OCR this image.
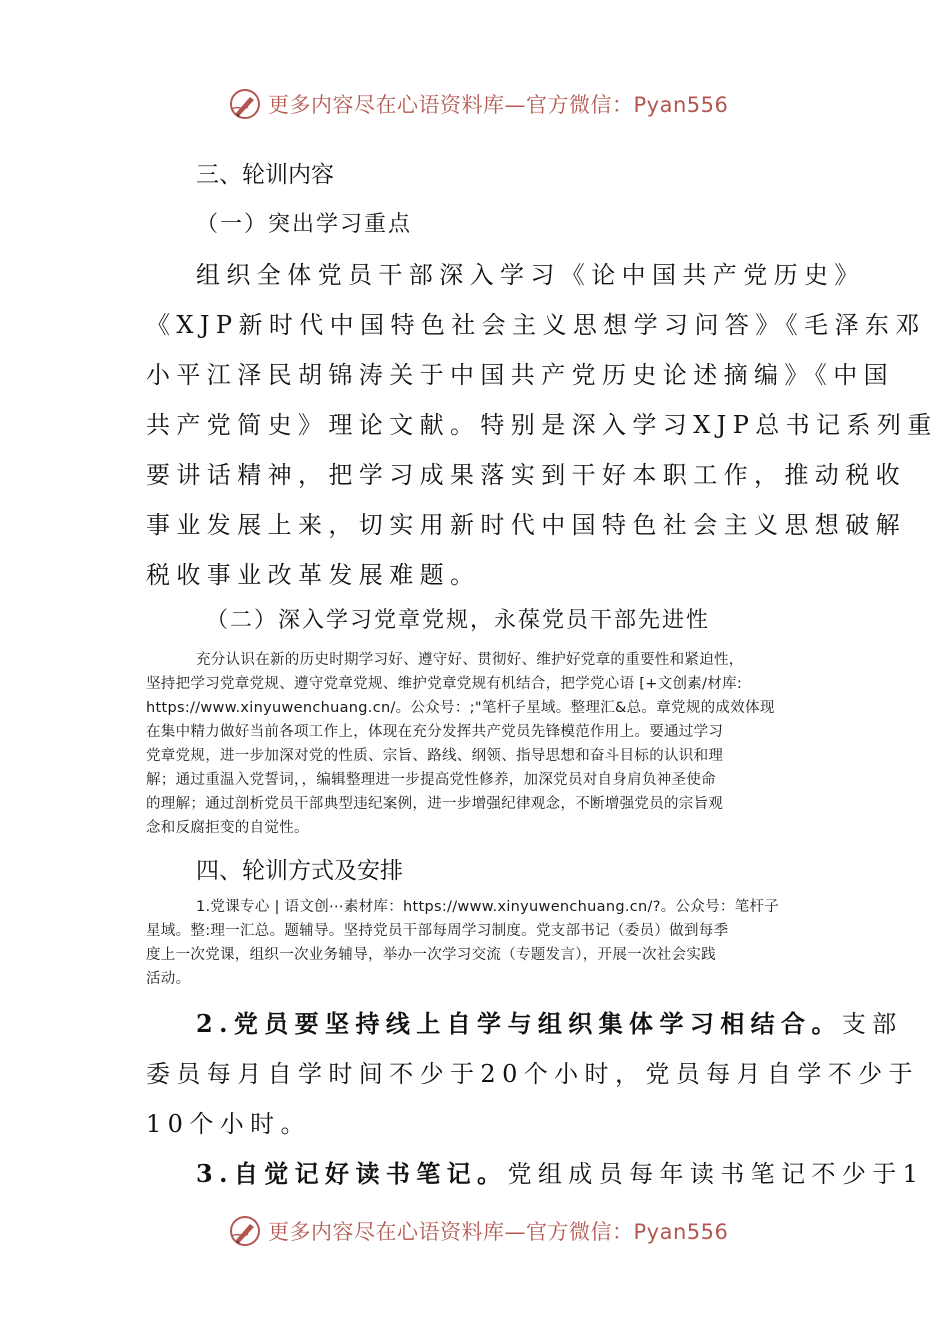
更多内容尽在心语资料库—官方微信：Pyan556
三、轮训内容
（一）突出学习重点
组织全体党员干部深入学习《论中国共产党历史》
《XJP新时代中国特色社会主义思想学习问答》《毛泽东邓
小平江泽民胡锦涛关于中国共产党历史论述摘编》《中国
共产党简史》理论文献。特别是深入学习XJP总书记系列重
要讲话精神，把学习成果落实到干好本职工作，推动税收
事业发展上来，切实用新时代中国特色社会主义思想破解
税收事业改革发展难题。
（二）深入学习党章党规，永葆党员干部先进性
充分认识在新的历史时期学习好、遵守好、贯彻好、维护好党章的重要性和紧迫性，
坚持把学习党章党规、遵守党章党规、维护党章党规有机结合，把学党心语 [+文创素/材库:
https://www.xinyuwenchuang.cn/。公众号：;"笔杆子星域。整理汇&总。章党规的成效体现
在集中精力做好当前各项工作上，体现在充分发挥共产党员先锋模范作用上。要通过学习
党章党规，进一步加深对党的性质、宗旨、路线、纲领、指导思想和奋斗目标的认识和理
解；通过重温入党誓词，，编辑整理进一步提高党性修养，加深党员对自身肩负神圣使命
的理解；通过剖析党员干部典型违纪案例，进一步增强纪律观念，不断增强党员的宗旨观
念和反腐拒变的自觉性。
四、轮训方式及安排
1.党课专心 | 语文创⋯素材库：https://www.xinyuwenchuang.cn/?。公众号：笔杆子
星域。整:理一汇总。题辅导。坚持党员干部每周学习制度。党支部书记（委员）做到每季
度上一次党课，组织一次业务辅导，举办一次学习交流（专题发言），开展一次社会实践
活动。
2.党员要坚持线上自学与组织集体学习相结合。支部
委员每月自学时间不少于20个小时，党员每月自学不少于
10个小时。
3.自觉记好读书笔记。党组成员每年读书笔记不少于1
更多内容尽在心语资料库—官方微信：Pyan556
